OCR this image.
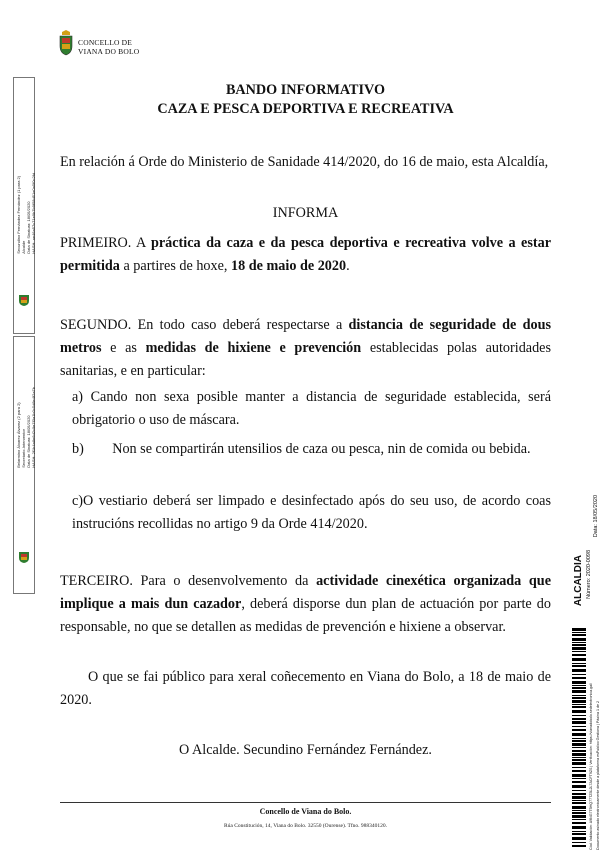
CONCELLO DE
VIANA DO BOLO
Secundino Fernández Fernández (1 para 2)
Alcalde
Data de Sinatura: 18/05/2020
HASH: ae46a57c71e9b7b9f58d51e0a5f0c2fd
Belarmino Álvarez Álvarez (2 para 2)
Secretario-Interventor
Data de Sinatura: 18/05/2020
HASH: 2f1b4a8e6d2c9e7f3a1b0c5d8e4f2a7b
BANDO INFORMATIVO
CAZA E PESCA DEPORTIVA E RECREATIVA
En relación á Orde do Ministerio de Sanidade 414/2020, do 16 de maio, esta Alcaldía,
INFORMA
PRIMEIRO. A práctica da caza e da pesca deportiva e recreativa volve a estar permitida a partires de hoxe, 18 de maio de 2020.
SEGUNDO. En todo caso deberá respectarse a distancia de seguridade de dous metros e as medidas de hixiene e prevención establecidas polas autoridades sanitarias, e en particular:
a) Cando non sexa posible manter a distancia de seguridade establecida, será obrigatorio o uso de máscara.
b)        Non se compartirán utensilios de caza ou pesca, nin de comida ou bebida.
c)O vestiario deberá ser limpado e desinfectado após do seu uso, de acordo coas instrucións recollidas no artigo 9 da Orde 414/2020.
TERCEIRO. Para o desenvolvemento da actividade cinexética organizada que implique a mais dun cazador, deberá disporse dun plan de actuación por parte do responsable, no que se detallen as medidas de prevención e hixiene a observar.
O que se fai público para xeral coñecemento en Viana do Bolo, a 18 de maio de 2020.
O Alcalde. Secundino Fernández Fernández.
Concello de Viana do Bolo.
Rúa Constitución, 14, Viana do Bolo. 32550 (Ourense). Tfno. 988340120.
ALCALDIA Número: 2020-0098
Data: 18/05/2020
Cód. Validación: A9NG7T5HQ77TZ5L2L7ACFT9ZS | Verificación: https://vianadobolo.sedelectronica.gal/ Documento asinado electronicamente desde a plataforma esPublico Gestiona | Páxina 1 de 2
